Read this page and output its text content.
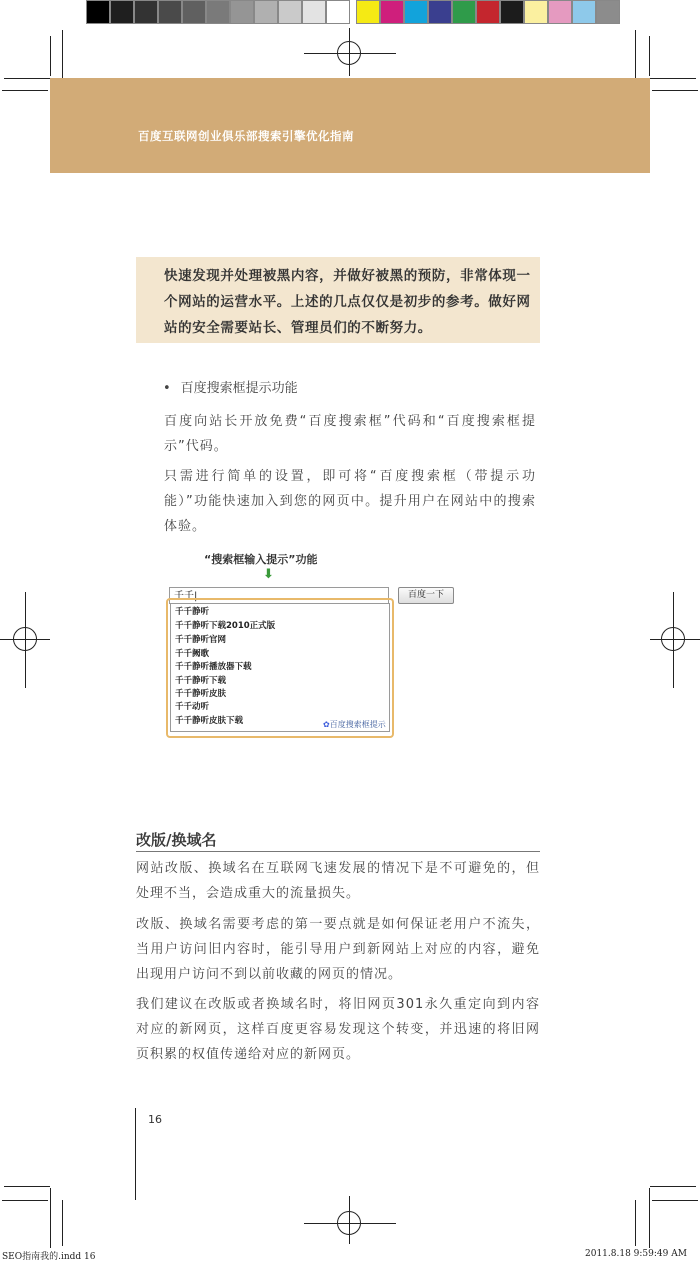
百度互联网创业俱乐部搜索引擎优化指南
快速发现并处理被黑内容，并做好被黑的预防，非常体现一个网站的运营水平。上述的几点仅仅是初步的参考。做好网站的安全需要站长、管理员们的不断努力。
• 百度搜索框提示功能
百度向站长开放免费“百度搜索框”代码和“百度搜索框提示”代码。
只需进行简单的设置，即可将“百度搜索框（带提示功能）”功能快速加入到您的网页中。提升用户在网站中的搜索体验。
“搜索框输入提示”功能
⬇
千千|	百度一下
千千静听
千千静听下载2010正式版
千千静听官网
千千阙歌
千千静听播放器下载
千千静听下载
千千静听皮肤
千千动听
千千静听皮肤下载	✿百度搜索框提示
改版/换域名
网站改版、换域名在互联网飞速发展的情况下是不可避免的，但处理不当，会造成重大的流量损失。
改版、换域名需要考虑的第一要点就是如何保证老用户不流失，当用户访问旧内容时，能引导用户到新网站上对应的内容，避免出现用户访问不到以前收藏的网页的情况。
我们建议在改版或者换域名时，将旧网页301永久重定向到内容对应的新网页，这样百度更容易发现这个转变，并迅速的将旧网页积累的权值传递给对应的新网页。
16
SEO指南我的.indd 16	2011.8.18 9:59:49 AM
